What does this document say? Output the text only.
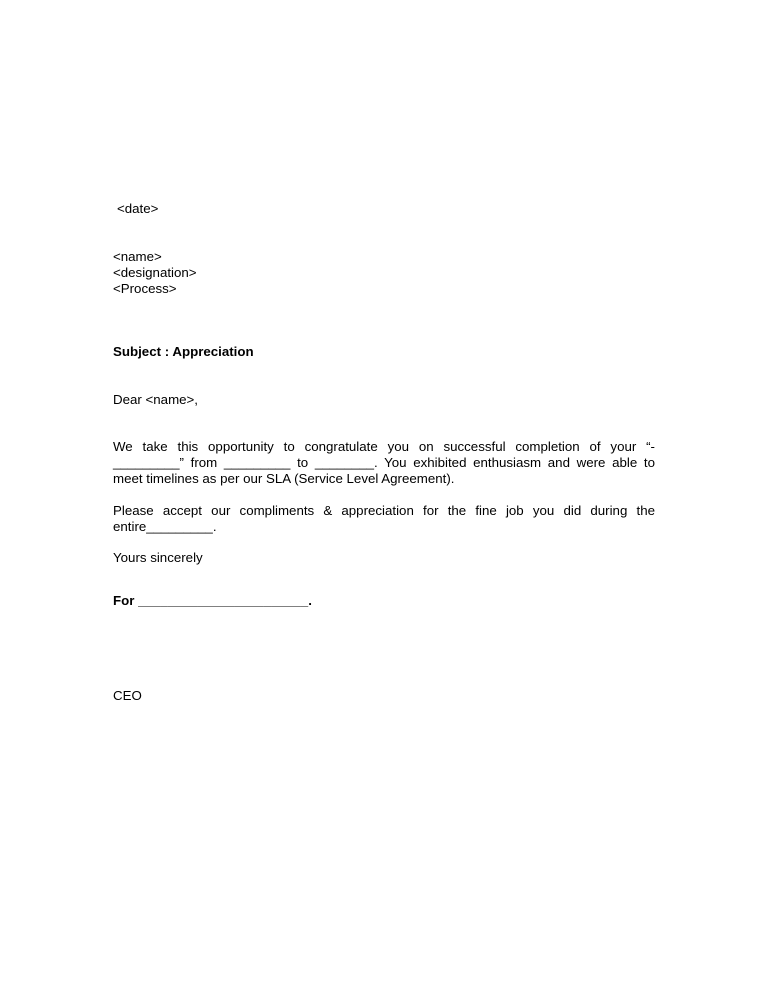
<date>
<name>
<designation>
<Process>
Subject : Appreciation
Dear <name>,
We take this opportunity to congratulate you on successful completion of your “-
_________” from _________ to ________. You exhibited enthusiasm and were able to
meet timelines as per our SLA (Service Level Agreement).
Please accept our compliments & appreciation for the fine job you did during the
entire_________.
Yours sincerely
For _______________________.
CEO
